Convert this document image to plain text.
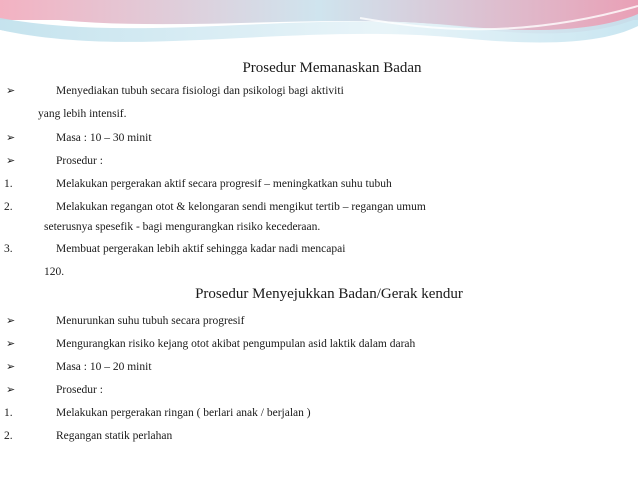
Prosedur Memanaskan Badan
➢	Menyediakan tubuh secara fisiologi dan psikologi bagi aktiviti
yang lebih intensif.
➢	Masa : 10 – 30 minit
➢	Prosedur :
1.	Melakukan pergerakan aktif secara progresif – meningkatkan suhu tubuh
2.	Melakukan regangan otot & kelongaran sendi mengikut tertib – regangan umum
seterusnya spesefik - bagi mengurangkan risiko kecederaan.
3.	Membuat pergerakan lebih aktif sehingga kadar nadi mencapai
120.
Prosedur Menyejukkan Badan/Gerak kendur
➢	Menurunkan suhu tubuh secara progresif
➢	Mengurangkan risiko kejang otot akibat pengumpulan asid laktik dalam darah
➢	Masa : 10 – 20 minit
➢	Prosedur :
1.	Melakukan pergerakan ringan ( berlari anak / berjalan )
2.	Regangan statik perlahan
